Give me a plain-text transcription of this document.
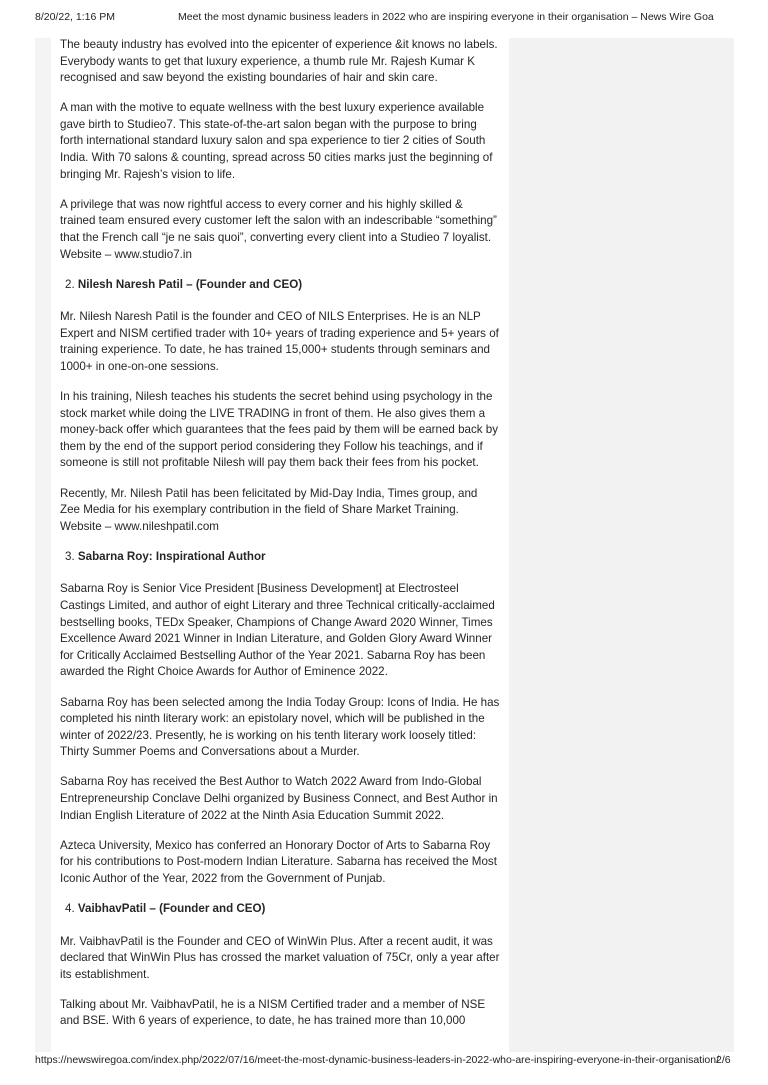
8/20/22, 1:16 PM	Meet the most dynamic business leaders in 2022 who are inspiring everyone in their organisation – News Wire Goa

The beauty industry has evolved into the epicenter of experience &it knows no labels. Everybody wants to get that luxury experience, a thumb rule Mr. Rajesh Kumar K recognised and saw beyond the existing boundaries of hair and skin care.

A man with the motive to equate wellness with the best luxury experience available gave birth to Studieo7. This state-of-the-art salon began with the purpose to bring forth international standard luxury salon and spa experience to tier 2 cities of South India. With 70 salons & counting, spread across 50 cities marks just the beginning of bringing Mr. Rajesh’s vision to life.

A privilege that was now rightful access to every corner and his highly skilled & trained team ensured every customer left the salon with an indescribable “something” that the French call “je ne sais quoi”, converting every client into a Studieo 7 loyalist. Website – www.studio7.in

2. Nilesh Naresh Patil – (Founder and CEO)

Mr. Nilesh Naresh Patil is the founder and CEO of NILS Enterprises. He is an NLP Expert and NISM certified trader with 10+ years of trading experience and 5+ years of training experience. To date, he has trained 15,000+ students through seminars and 1000+ in one-on-one sessions.

In his training, Nilesh teaches his students the secret behind using psychology in the stock market while doing the LIVE TRADING in front of them. He also gives them a money-back offer which guarantees that the fees paid by them will be earned back by them by the end of the support period considering they Follow his teachings, and if someone is still not profitable Nilesh will pay them back their fees from his pocket.

Recently, Mr. Nilesh Patil has been felicitated by Mid-Day India, Times group, and Zee Media for his exemplary contribution in the field of Share Market Training. Website – www.nileshpatil.com

3. Sabarna Roy: Inspirational Author

Sabarna Roy is Senior Vice President [Business Development] at Electrosteel Castings Limited, and author of eight Literary and three Technical critically-acclaimed bestselling books, TEDx Speaker, Champions of Change Award 2020 Winner, Times Excellence Award 2021 Winner in Indian Literature, and Golden Glory Award Winner for Critically Acclaimed Bestselling Author of the Year 2021. Sabarna Roy has been awarded the Right Choice Awards for Author of Eminence 2022.

Sabarna Roy has been selected among the India Today Group: Icons of India. He has completed his ninth literary work: an epistolary novel, which will be published in the winter of 2022/23. Presently, he is working on his tenth literary work loosely titled: Thirty Summer Poems and Conversations about a Murder.

Sabarna Roy has received the Best Author to Watch 2022 Award from Indo-Global Entrepreneurship Conclave Delhi organized by Business Connect, and Best Author in Indian English Literature of 2022 at the Ninth Asia Education Summit 2022.

Azteca University, Mexico has conferred an Honorary Doctor of Arts to Sabarna Roy for his contributions to Post-modern Indian Literature. Sabarna has received the Most Iconic Author of the Year, 2022 from the Government of Punjab.

4. VaibhavPatil – (Founder and CEO)

Mr. VaibhavPatil is the Founder and CEO of WinWin Plus. After a recent audit, it was declared that WinWin Plus has crossed the market valuation of 75Cr, only a year after its establishment.

Talking about Mr. VaibhavPatil, he is a NISM Certified trader and a member of NSE and BSE. With 6 years of experience, to date, he has trained more than 10,000

https://newswiregoa.com/index.php/2022/07/16/meet-the-most-dynamic-business-leaders-in-2022-who-are-inspiring-everyone-in-their-organisation/
2/6
